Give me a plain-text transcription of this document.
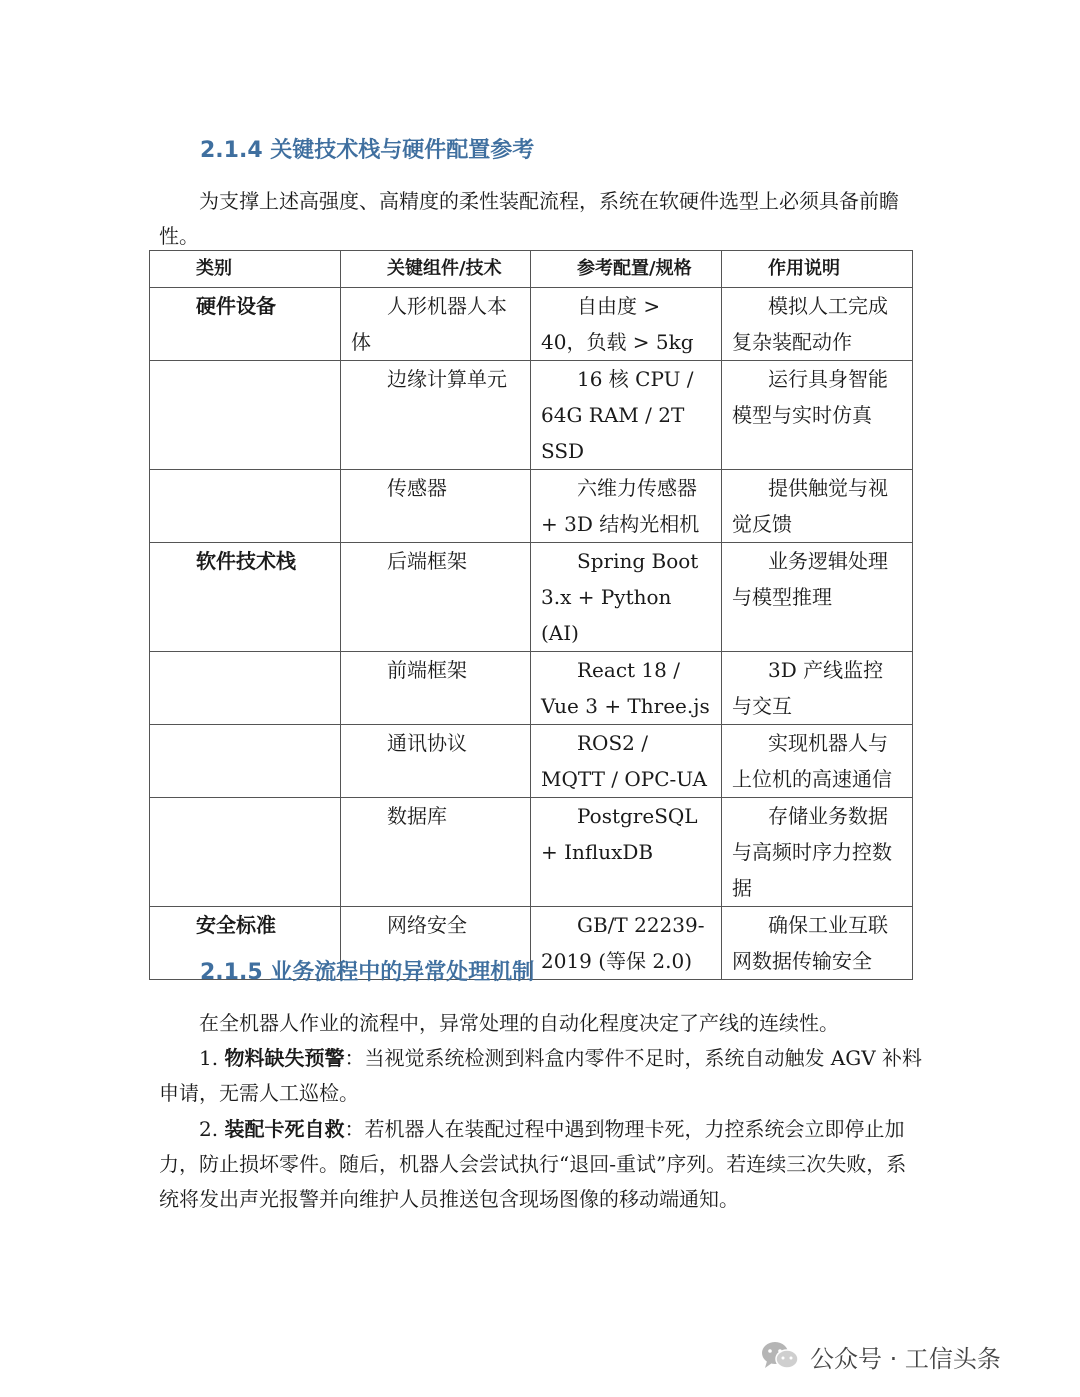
2.1.4 关键技术栈与硬件配置参考

为支撑上述高强度、高精度的柔性装配流程，系统在软硬件选型上必须具备前瞻性。

类别	关键组件/技术	参考配置/规格	作用说明
硬件设备	人形机器人本体	自由度 > 40，负载 > 5kg	模拟人工完成复杂装配动作
	边缘计算单元	16 核 CPU / 64G RAM / 2T SSD	运行具身智能模型与实时仿真
	传感器	六维力传感器 + 3D 结构光相机	提供触觉与视觉反馈
软件技术栈	后端框架	Spring Boot 3.x + Python (AI)	业务逻辑处理与模型推理
	前端框架	React 18 / Vue 3 + Three.js	3D 产线监控与交互
	通讯协议	ROS2 / MQTT / OPC-UA	实现机器人与上位机的高速通信
	数据库	PostgreSQL + InfluxDB	存储业务数据与高频时序力控数据
安全标准	网络安全	GB/T 22239-2019 (等保 2.0)	确保工业互联网数据传输安全
2.1.5 业务流程中的异常处理机制

在全机器人作业的流程中，异常处理的自动化程度决定了产线的连续性。

1. 物料缺失预警：当视觉系统检测到料盒内零件不足时，系统自动触发 AGV 补料申请，无需人工巡检。

2. 装配卡死自救：若机器人在装配过程中遇到物理卡死，力控系统会立即停止加力，防止损坏零件。随后，机器人会尝试执行“退回-重试”序列。若连续三次失败，系统将发出声光报警并向维护人员推送包含现场图像的移动端通知。

公众号 · 工信头条
